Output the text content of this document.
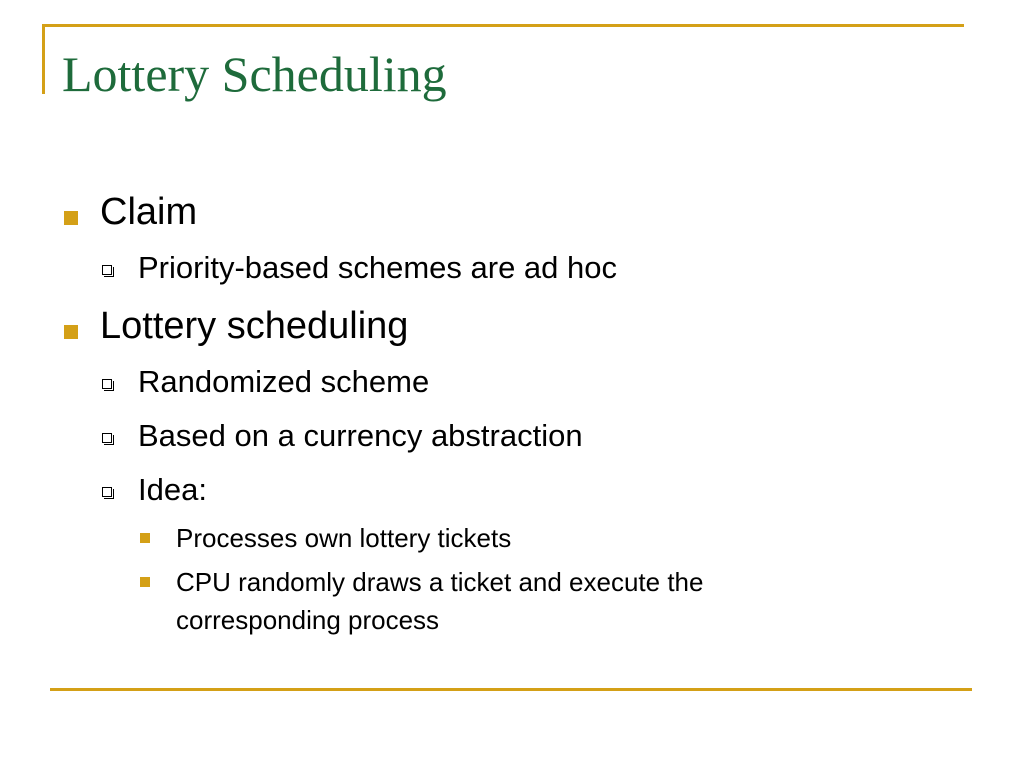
Lottery Scheduling
Claim
Priority-based schemes are ad hoc
Lottery scheduling
Randomized scheme
Based on a currency abstraction
Idea:
Processes own lottery tickets
CPU randomly draws a ticket and execute the
corresponding process
